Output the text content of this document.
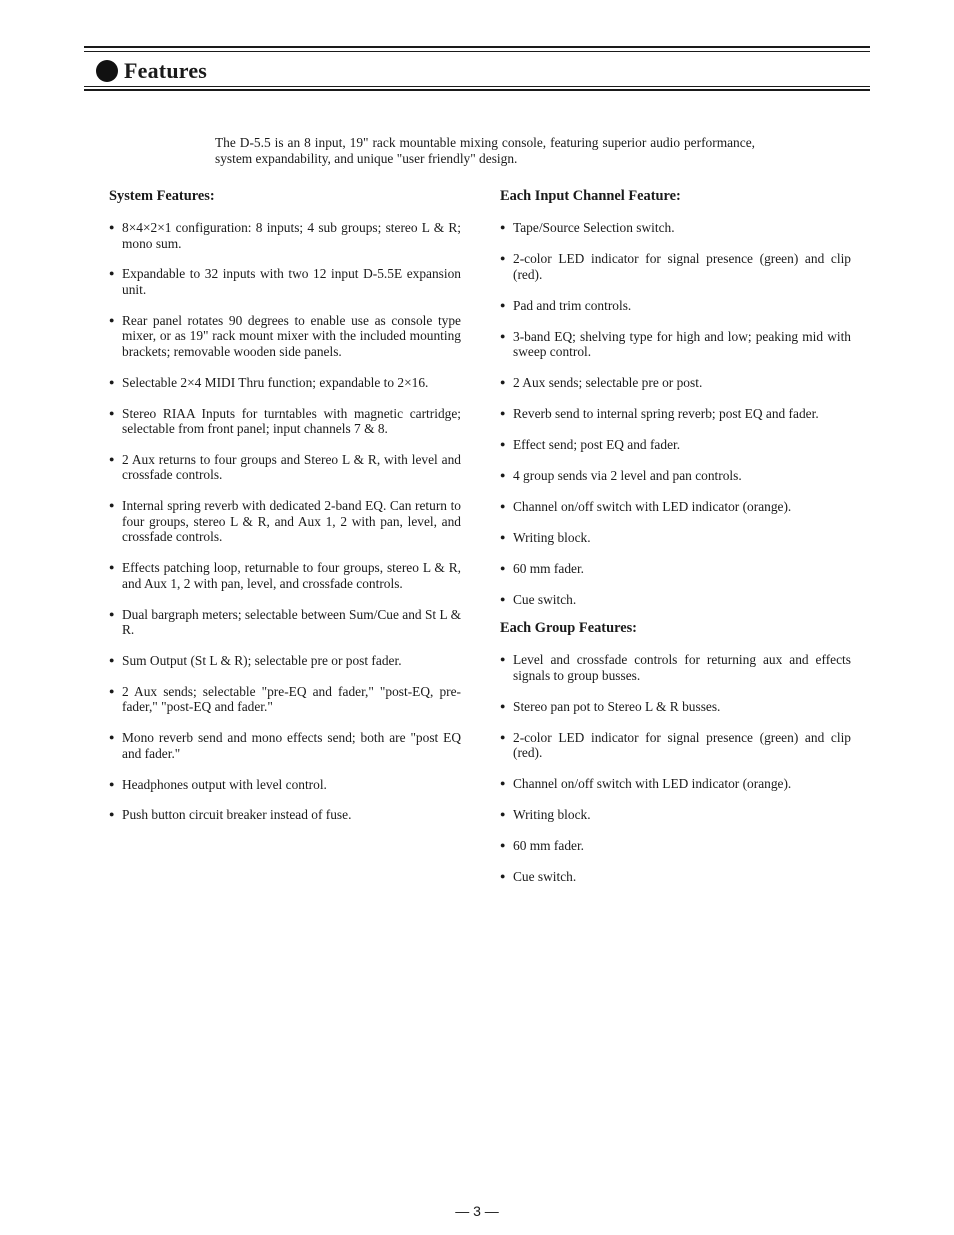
Features

The D-5.5 is an 8 input, 19" rack mountable mixing console, featuring superior audio performance, system expandability, and unique "user friendly" design.

System Features:
● 8×4×2×1 configuration: 8 inputs; 4 sub groups; stereo L & R; mono sum.
● Expandable to 32 inputs with two 12 input D-5.5E expansion unit.
● Rear panel rotates 90 degrees to enable use as console type mixer, or as 19" rack mount mixer with the included mounting brackets; removable wooden side panels.
● Selectable 2×4 MIDI Thru function; expandable to 2×16.
● Stereo RIAA Inputs for turntables with magnetic cartridge; selectable from front panel; input channels 7 & 8.
● 2 Aux returns to four groups and Stereo L & R, with level and crossfade controls.
● Internal spring reverb with dedicated 2-band EQ. Can return to four groups, stereo L & R, and Aux 1, 2 with pan, level, and crossfade controls.
● Effects patching loop, returnable to four groups, stereo L & R, and Aux 1, 2 with pan, level, and crossfade controls.
● Dual bargraph meters; selectable between Sum/Cue and St L & R.
● Sum Output (St L & R); selectable pre or post fader.
● 2 Aux sends; selectable "pre-EQ and fader," "post-EQ, pre-fader," "post-EQ and fader."
● Mono reverb send and mono effects send; both are "post EQ and fader."
● Headphones output with level control.
● Push button circuit breaker instead of fuse.
Each Input Channel Feature:
● Tape/Source Selection switch.
● 2-color LED indicator for signal presence (green) and clip (red).
● Pad and trim controls.
● 3-band EQ; shelving type for high and low; peaking mid with sweep control.
● 2 Aux sends; selectable pre or post.
● Reverb send to internal spring reverb; post EQ and fader.
● Effect send; post EQ and fader.
● 4 group sends via 2 level and pan controls.
● Channel on/off switch with LED indicator (orange).
● Writing block.
● 60 mm fader.
● Cue switch.
Each Group Features:
● Level and crossfade controls for returning aux and effects signals to group busses.
● Stereo pan pot to Stereo L & R busses.
● 2-color LED indicator for signal presence (green) and clip (red).
● Channel on/off switch with LED indicator (orange).
● Writing block.
● 60 mm fader.
● Cue switch.
— 3 —
